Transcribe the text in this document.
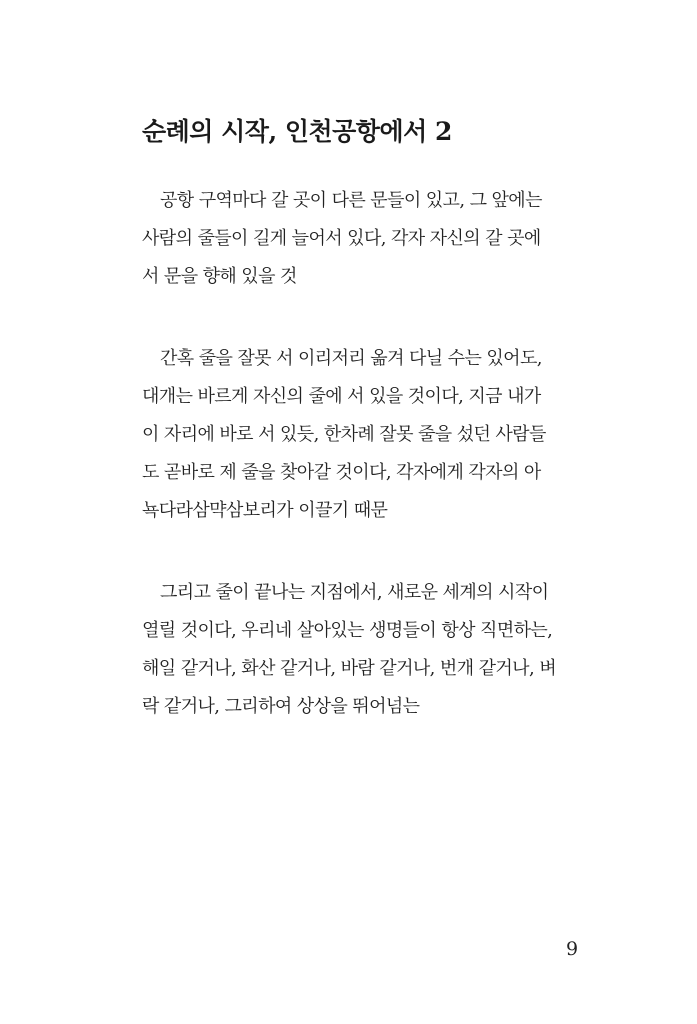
순례의 시작, 인천공항에서 2

공항 구역마다 갈 곳이 다른 문들이 있고, 그 앞에는
사람의 줄들이 길게 늘어서 있다, 각자 자신의 갈 곳에
서 문을 향해 있을 것

간혹 줄을 잘못 서 이리저리 옮겨 다닐 수는 있어도,
대개는 바르게 자신의 줄에 서 있을 것이다, 지금 내가
이 자리에 바로 서 있듯, 한차례 잘못 줄을 섰던 사람들
도 곧바로 제 줄을 찾아갈 것이다, 각자에게 각자의 아
뇩다라삼먁삼보리가 이끌기 때문

그리고 줄이 끝나는 지점에서, 새로운 세계의 시작이
열릴 것이다, 우리네 살아있는 생명들이 항상 직면하는,
해일 같거나, 화산 같거나, 바람 같거나, 번개 같거나, 벼
락 같거나, 그리하여 상상을 뛰어넘는

9
